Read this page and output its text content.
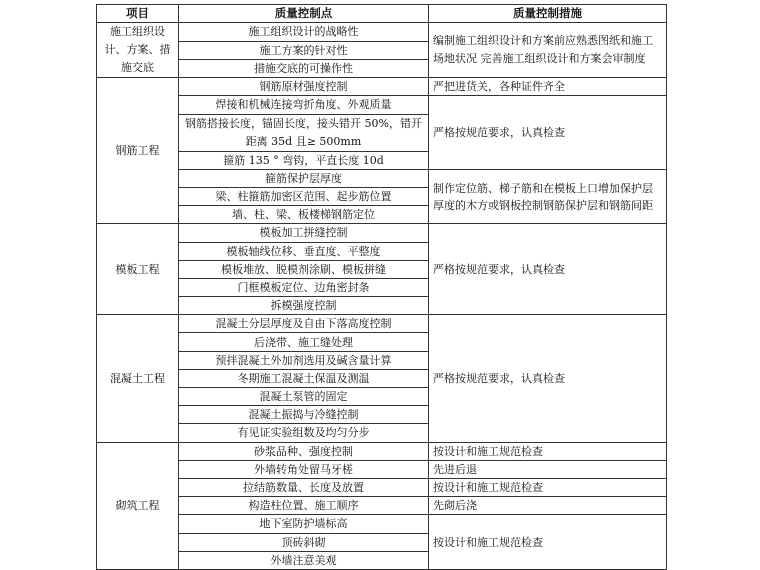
项目	质量控制点	质量控制措施
施工组织设计、方案、措施交底	施工组织设计的战略性	编制施工组织设计和方案前应熟悉图纸和施工场地状况 完善施工组织设计和方案会审制度
	施工方案的针对性	
	措施交底的可操作性	
钢筋工程	钢筋原材强度控制	严把进货关，各种证件齐全
	焊接和机械连接弯折角度、外观质量	严格按规范要求，认真检查
	钢筋搭接长度，锚固长度，接头错开 50%，错开距离 35d 且≥ 500mm	
	箍筋 135 ° 弯钩，平直长度 10d	
	箍筋保护层厚度	制作定位筋、梯子筋和在模板上口增加保护层厚度的木方或钢板控制钢筋保护层和钢筋间距
	梁、柱箍筋加密区范围、起步筋位置	
	墙、柱、梁、板楼梯钢筋定位	
模板工程	模板加工拼缝控制	严格按规范要求，认真检查
	模板轴线位移、垂直度、平整度	
	模板堆放、脱模剂涂刷、模板拼缝	
	门框模板定位、边角密封条	
	拆模强度控制	
混凝土工程	混凝土分层厚度及自由下落高度控制	严格按规范要求，认真检查
	后浇带、施工缝处理	
	预拌混凝土外加剂选用及碱含量计算	
	冬期施工混凝土保温及测温	
	混凝土泵管的固定	
	混凝土振捣与冷缝控制	
	有见证实验组数及均匀分步	
砌筑工程	砂浆品种、强度控制	按设计和施工规范检查
	外墙转角处留马牙槎	先进后退
	拉结筋数量、长度及放置	按设计和施工规范检查
	构造柱位置、施工顺序	先砌后浇
	地下室防护墙标高	按设计和施工规范检查
	顶砖斜砌	
	外墙注意美观	
